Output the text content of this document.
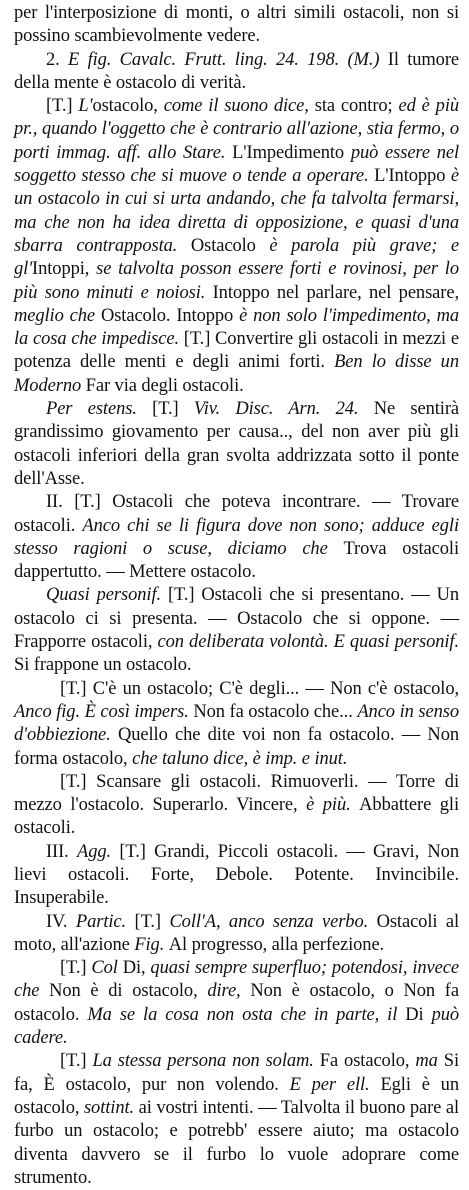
per l'interposizione di monti, o altri simili ostacoli, non si possino scambievolmente vedere.

2. E fig. Cavalc. Frutt. ling. 24. 198. (M.) Il tumore della mente è ostacolo di verità.

[T.] L'ostacolo, come il suono dice, sta contro; ed è più pr., quando l'oggetto che è contrario all'azione, stia fermo, o porti immag. aff. allo Stare. L'Impedimento può essere nel soggetto stesso che si muove o tende a operare. L'Intoppo è un ostacolo in cui si urta andando, che fa talvolta fermarsi, ma che non ha idea diretta di opposizione, e quasi d'una sbarra contrapposta. Ostacolo è parola più grave; e gl'Intoppi, se talvolta posson essere forti e rovinosi, per lo più sono minuti e noiosi. Intoppo nel parlare, nel pensare, meglio che Ostacolo. Intoppo è non solo l'impedimento, ma la cosa che impedisce. [T.] Convertire gli ostacoli in mezzi e potenza delle menti e degli animi forti. Ben lo disse un Moderno Far via degli ostacoli.

Per estens. [T.] Viv. Disc. Arn. 24. Ne sentirà grandissimo giovamento per causa.., del non aver più gli ostacoli inferiori della gran svolta addrizzata sotto il ponte dell'Asse.

II. [T.] Ostacoli che poteva incontrare. — Trovare ostacoli. Anco chi se li figura dove non sono; adduce egli stesso ragioni o scuse, diciamo che Trova ostacoli dappertutto. — Mettere ostacolo.

Quasi personif. [T.] Ostacoli che si presentano. — Un ostacolo ci si presenta. — Ostacolo che si oppone. — Frapporre ostacoli, con deliberata volontà. E quasi personif. Si frappone un ostacolo.

[T.] C'è un ostacolo; C'è degli... — Non c'è ostacolo, Anco fig. È così impers. Non fa ostacolo che... Anco in senso d'obbiezione. Quello che dite voi non fa ostacolo. — Non forma ostacolo, che taluno dice, è imp. e inut.

[T.] Scansare gli ostacoli. Rimuoverli. — Torre di mezzo l'ostacolo. Superarlo. Vincere, è più. Abbattere gli ostacoli.

III. Agg. [T.] Grandi, Piccoli ostacoli. — Gravi, Non lievi ostacoli. Forte, Debole. Potente. Invincibile. Insuperabile.

IV. Partic. [T.] Coll'A, anco senza verbo. Ostacoli al moto, all'azione Fig. Al progresso, alla perfezione.

[T.] Col Di, quasi sempre superfluo; potendosi, invece che Non è di ostacolo, dire, Non è ostacolo, o Non fa ostacolo. Ma se la cosa non osta che in parte, il Di può cadere.

[T.] La stessa persona non solam. Fa ostacolo, ma Si fa, È ostacolo, pur non volendo. E per ell. Egli è un ostacolo, sottint. ai vostri intenti. — Talvolta il buono pare al furbo un ostacolo; e potrebb' essere aiuto; ma ostacolo diventa davvero se il furbo lo vuole adoprare come strumento.
